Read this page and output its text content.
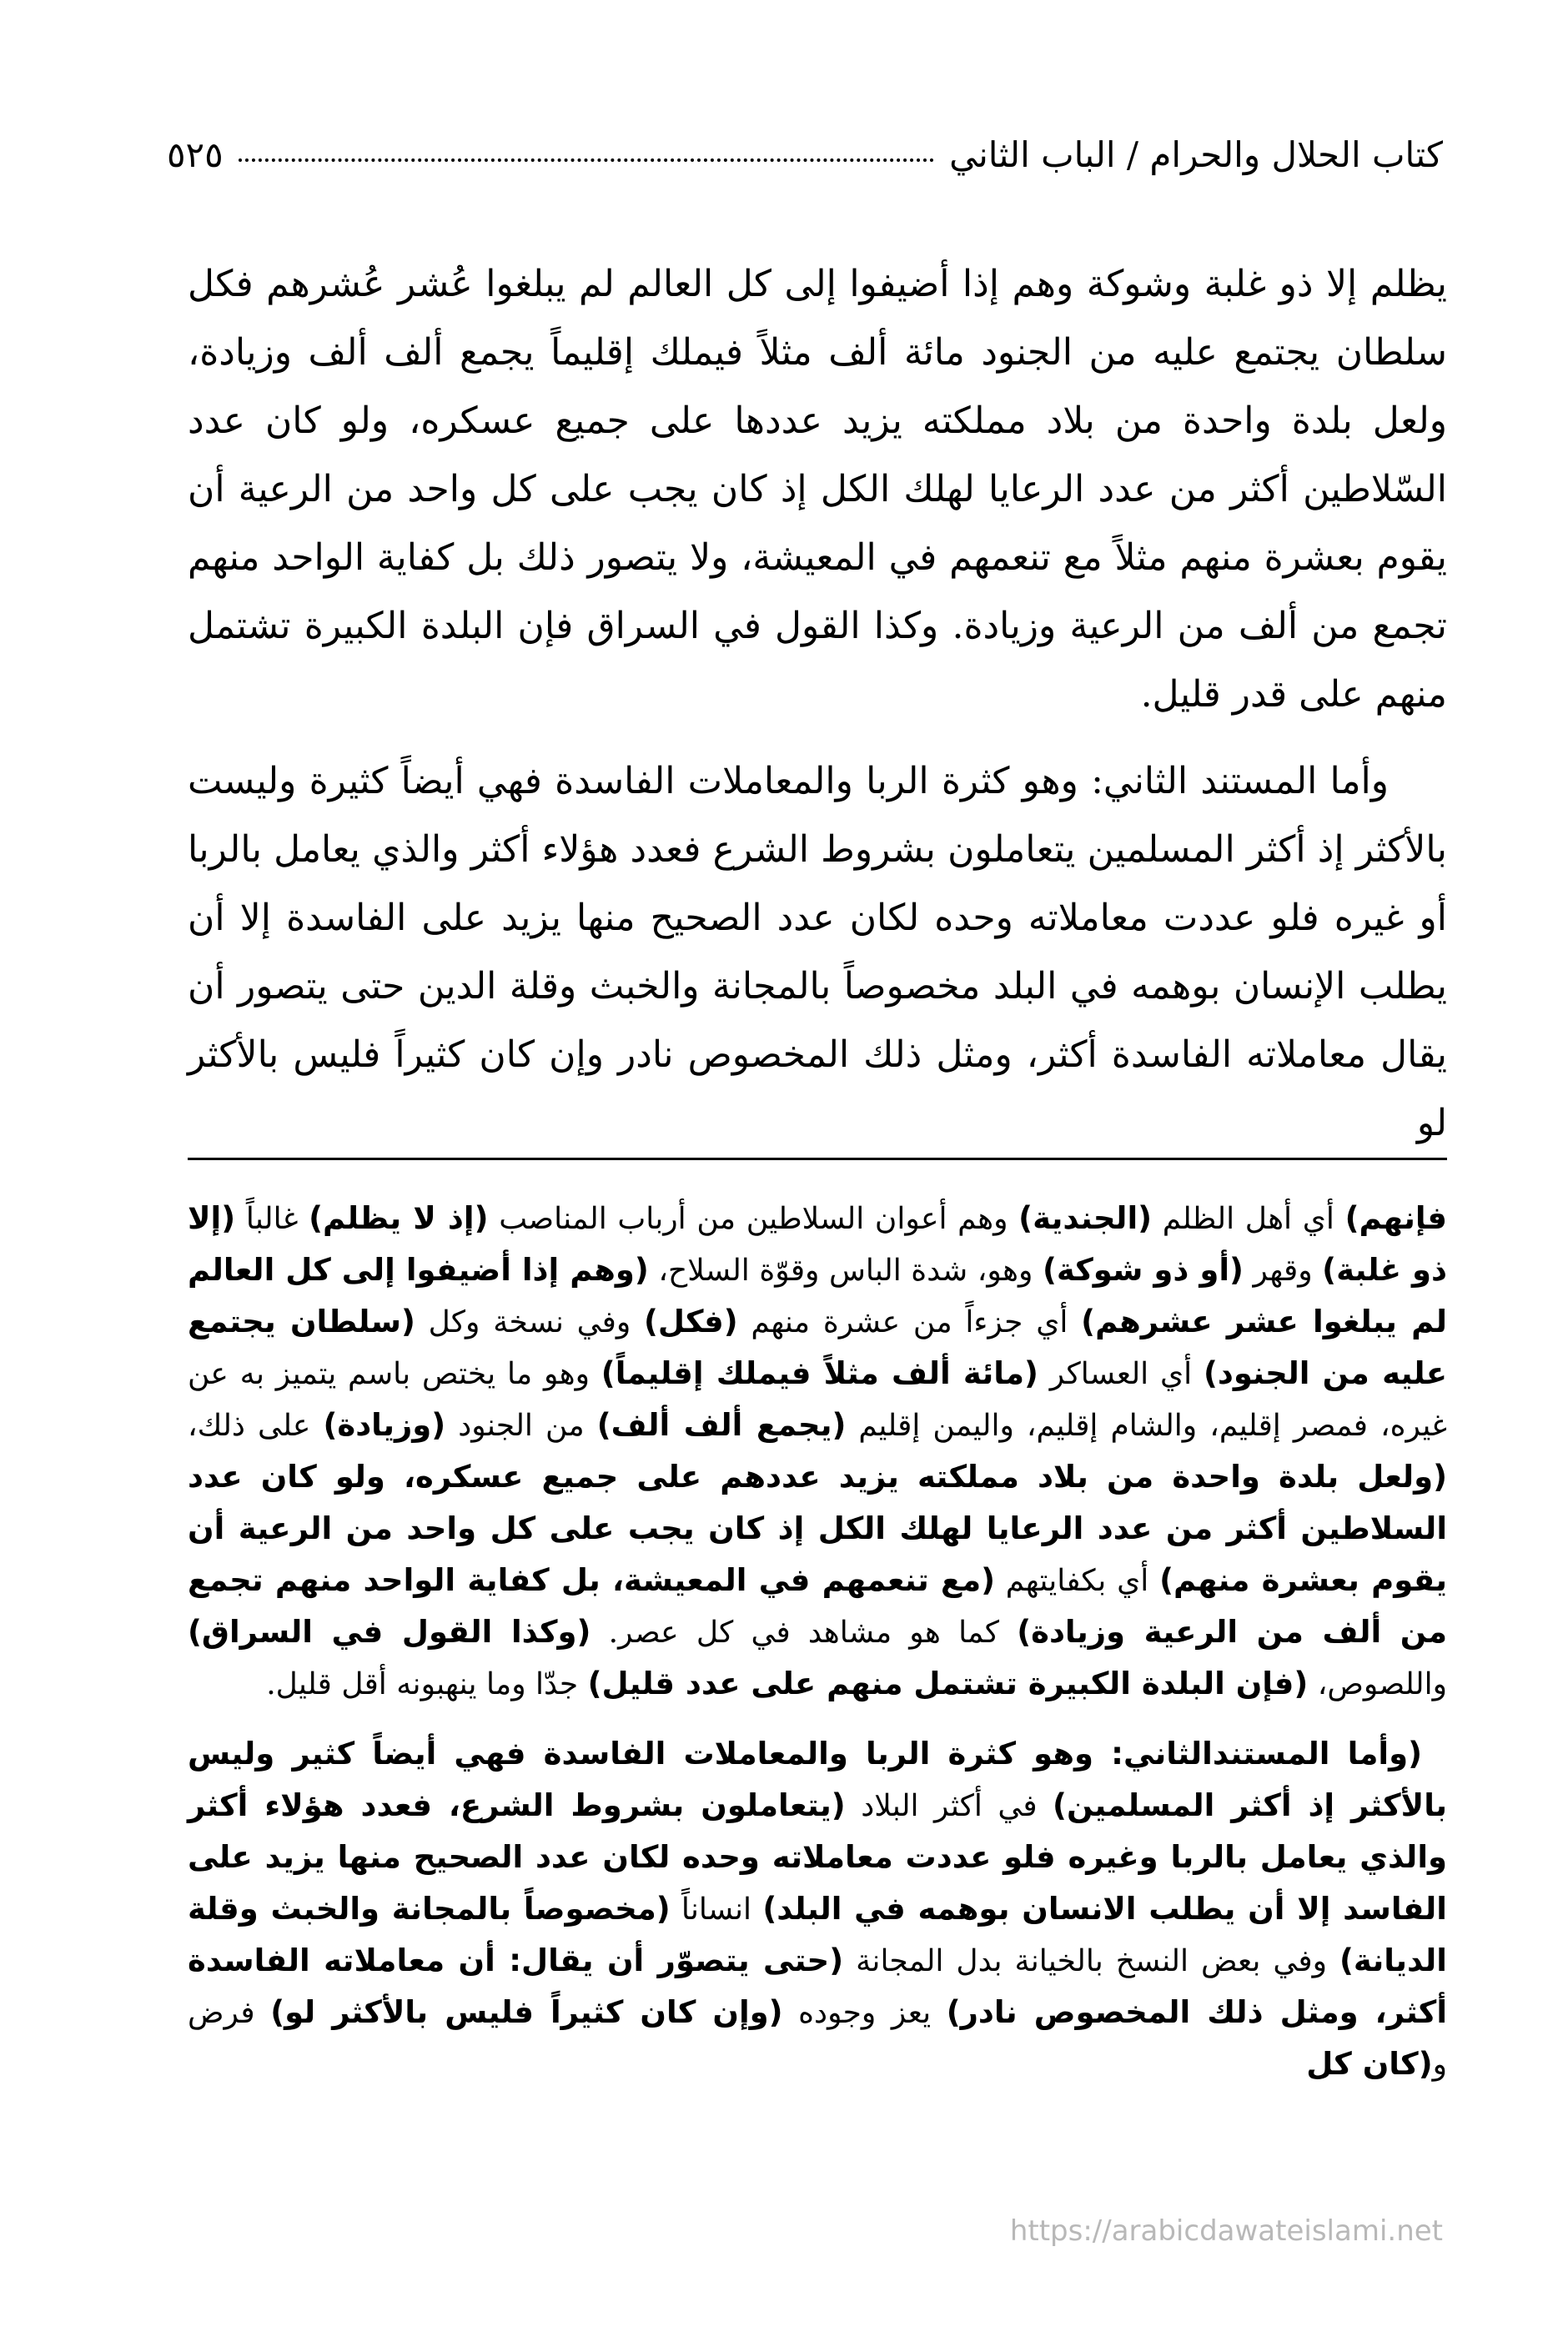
كتاب الحلال والحرام / الباب الثاني
٥٢٥

يظلم إلا ذو غلبة وشوكة وهم إذا أضيفوا إلى كل العالم لم يبلغوا عُشر عُشرهم فكل سلطان يجتمع عليه من الجنود مائة ألف مثلاً فيملك إقليماً يجمع ألف ألف وزيادة، ولعل بلدة واحدة من بلاد مملكته يزيد عددها على جميع عسكره، ولو كان عدد السّلاطين أكثر من عدد الرعايا لهلك الكل إذ كان يجب على كل واحد من الرعية أن يقوم بعشرة منهم مثلاً مع تنعمهم في المعيشة، ولا يتصور ذلك بل كفاية الواحد منهم تجمع من ألف من الرعية وزيادة. وكذا القول في السراق فإن البلدة الكبيرة تشتمل منهم على قدر قليل.

وأما المستند الثاني: وهو كثرة الربا والمعاملات الفاسدة فهي أيضاً كثيرة وليست بالأكثر إذ أكثر المسلمين يتعاملون بشروط الشرع فعدد هؤلاء أكثر والذي يعامل بالربا أو غيره فلو عددت معاملاته وحده لكان عدد الصحيح منها يزيد على الفاسدة إلا أن يطلب الإنسان بوهمه في البلد مخصوصاً بالمجانة والخبث وقلة الدين حتى يتصور أن يقال معاملاته الفاسدة أكثر، ومثل ذلك المخصوص نادر وإن كان كثيراً فليس بالأكثر لو

فإنهم) أي أهل الظلم (الجندية) وهم أعوان السلاطين من أرباب المناصب (إذ لا يظلم) غالباً (إلا ذو غلبة) وقهر (أو ذو شوكة) وهو، شدة الباس وقوّة السلاح، (وهم إذا أضيفوا إلى كل العالم لم يبلغوا عشر عشرهم) أي جزءاً من عشرة منهم (فكل) وفي نسخة وكل (سلطان يجتمع عليه من الجنود) أي العساكر (مائة ألف مثلاً فيملك إقليماً) وهو ما يختص باسم يتميز به عن غيره، فمصر إقليم، والشام إقليم، واليمن إقليم (يجمع ألف ألف) من الجنود (وزيادة) على ذلك، (ولعل بلدة واحدة من بلاد مملكته يزيد عددهم على جميع عسكره، ولو كان عدد السلاطين أكثر من عدد الرعايا لهلك الكل إذ كان يجب على كل واحد من الرعية أن يقوم بعشرة منهم) أي بكفايتهم (مع تنعمهم في المعيشة، بل كفاية الواحد منهم تجمع من ألف من الرعية وزيادة) كما هو مشاهد في كل عصر. (وكذا القول في السراق) واللصوص، (فإن البلدة الكبيرة تشتمل منهم على عدد قليل) جدّا وما ينهبونه أقل قليل.

(وأما المستندالثاني: وهو كثرة الربا والمعاملات الفاسدة فهي أيضاً كثير وليس بالأكثر إذ أكثر المسلمين) في أكثر البلاد (يتعاملون بشروط الشرع، فعدد هؤلاء أكثر والذي يعامل بالربا وغيره فلو عددت معاملاته وحده لكان عدد الصحيح منها يزيد على الفاسد إلا أن يطلب الانسان بوهمه في البلد) انساناً (مخصوصاً بالمجانة والخبث وقلة الديانة) وفي بعض النسخ بالخيانة بدل المجانة (حتى يتصوّر أن يقال: أن معاملاته الفاسدة أكثر، ومثل ذلك المخصوص نادر) يعز وجوده (وإن كان كثيراً فليس بالأكثر لو) فرض و(كان كل

https://arabicdawateislami.net
